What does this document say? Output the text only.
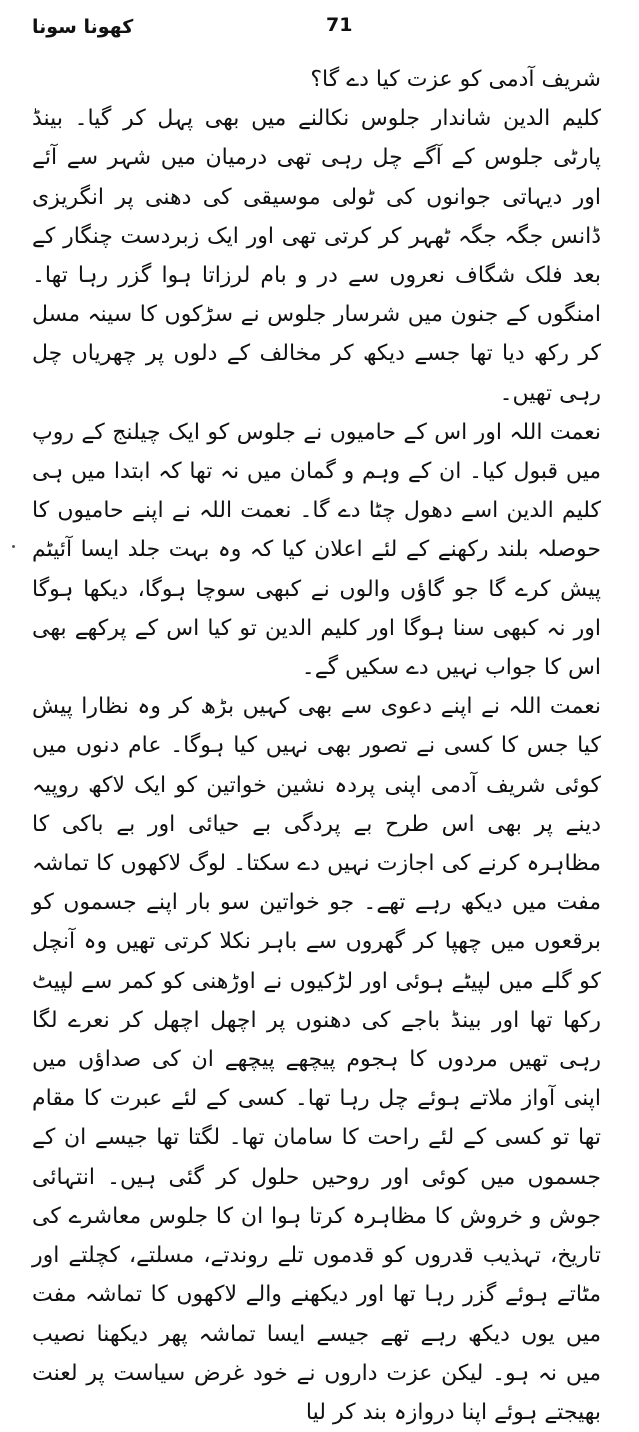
کھونا سونا	71

شریف آدمی کو عزت کیا دے گا؟

کلیم الدین شاندار جلوس نکالنے میں بھی پہل کر گیا۔ بینڈ پارٹی جلوس کے آگے چل رہی تھی درمیان میں شہر سے آئے اور دیہاتی جوانوں کی ٹولی موسیقی کی دھنی پر انگریزی ڈانس جگہ جگہ ٹھہر کر کرتی تھی اور ایک زبردست چنگار کے بعد فلک شگاف نعروں سے در و بام لرزاتا ہوا گزر رہا تھا۔ امنگوں کے جنون میں شرسار جلوس نے سڑکوں کا سینہ مسل کر رکھ دیا تھا جسے دیکھ کر مخالف کے دلوں پر چھریاں چل رہی تھیں۔

نعمت اللہ اور اس کے حامیوں نے جلوس کو ایک چیلنج کے روپ میں قبول کیا۔ ان کے وہم و گمان میں نہ تھا کہ ابتدا میں ہی کلیم الدین اسے دھول چٹا دے گا۔ نعمت اللہ نے اپنے حامیوں کا حوصلہ بلند رکھنے کے لئے اعلان کیا کہ وہ بہت جلد ایسا آئیٹم پیش کرے گا جو گاؤں والوں نے کبھی سوچا ہوگا، دیکھا ہوگا اور نہ کبھی سنا ہوگا اور کلیم الدین تو کیا اس کے پرکھے بھی اس کا جواب نہیں دے سکیں گے۔

نعمت اللہ نے اپنے دعوی سے بھی کہیں بڑھ کر وہ نظارا پیش کیا جس کا کسی نے تصور بھی نہیں کیا ہوگا۔ عام دنوں میں کوئی شریف آدمی اپنی پردہ نشین خواتین کو ایک لاکھ روپیہ دینے پر بھی اس طرح بے پردگی بے حیائی اور بے باکی کا مظاہرہ کرنے کی اجازت نہیں دے سکتا۔ لوگ لاکھوں کا تماشہ مفت میں دیکھ رہے تھے۔ جو خواتین سو بار اپنے جسموں کو برقعوں میں چھپا کر گھروں سے باہر نکلا کرتی تھیں وہ آنچل کو گلے میں لپیٹے ہوئی اور لڑکیوں نے اوڑھنی کو کمر سے لپیٹ رکھا تھا اور بینڈ باجے کی دھنوں پر اچھل اچھل کر نعرے لگا رہی تھیں مردوں کا ہجوم پیچھے پیچھے ان کی صداؤں میں اپنی آواز ملاتے ہوئے چل رہا تھا۔ کسی کے لئے عبرت کا مقام تھا تو کسی کے لئے راحت کا سامان تھا۔ لگتا تھا جیسے ان کے جسموں میں کوئی اور روحیں حلول کر گئی ہیں۔ انتہائی جوش و خروش کا مظاہرہ کرتا ہوا ان کا جلوس معاشرے کی تاریخ، تہذیب قدروں کو قدموں تلے روندتے، مسلتے، کچلتے اور مٹاتے ہوئے گزر رہا تھا اور دیکھنے والے لاکھوں کا تماشہ مفت میں یوں دیکھ رہے تھے جیسے ایسا تماشہ پھر دیکھنا نصیب میں نہ ہو۔ لیکن عزت داروں نے خود غرض سیاست پر لعنت بھیجتے ہوئے اپنا دروازہ بند کر لیا
